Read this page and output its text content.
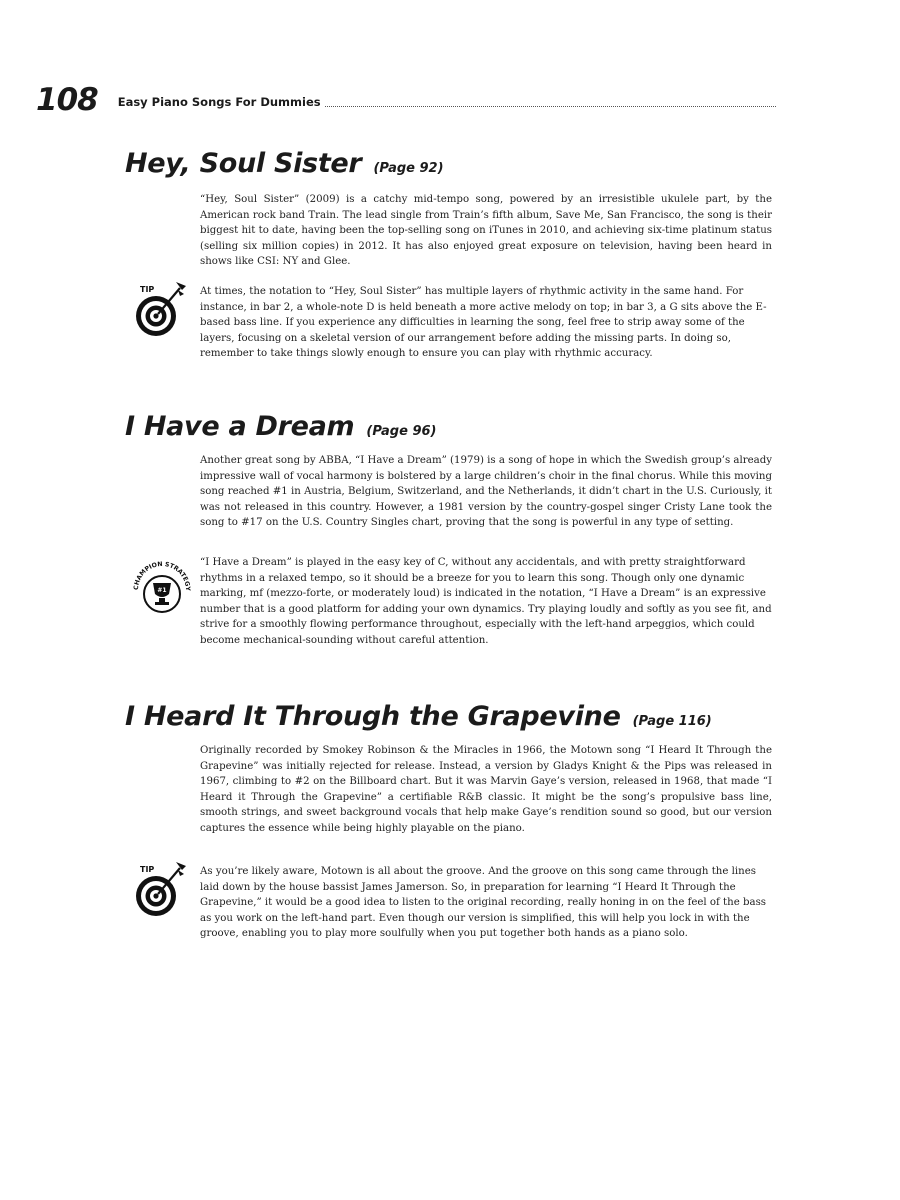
108 Easy Piano Songs For Dummies
Hey, Soul Sister (Page 92)

“Hey, Soul Sister” (2009) is a catchy mid-tempo song, powered by an irresistible ukulele part, by the American rock band Train. The lead single from Train’s fifth album, Save Me, San Francisco, the song is their biggest hit to date, having been the top-selling song on iTunes in 2010, and achieving six-time platinum status (selling six million copies) in 2012. It has also enjoyed great exposure on television, having been heard in shows like CSI: NY and Glee.

TIP	At times, the notation to “Hey, Soul Sister” has multiple layers of rhythmic activity in the same hand. For instance, in bar 2, a whole-note D is held beneath a more active melody on top; in bar 3, a G sits above the E-based bass line. If you experience any difficulties in learning the song, feel free to strip away some of the layers, focusing on a skeletal version of our arrangement before adding the missing parts. In doing so, remember to take things slowly enough to ensure you can play with rhythmic accuracy.

I Have a Dream (Page 96)

Another great song by ABBA, “I Have a Dream” (1979) is a song of hope in which the Swedish group’s already impressive wall of vocal harmony is bolstered by a large children’s choir in the final chorus. While this moving song reached #1 in Austria, Belgium, Switzerland, and the Netherlands, it didn’t chart in the U.S. Curiously, it was not released in this country. However, a 1981 version by the country-gospel singer Cristy Lane took the song to #17 on the U.S. Country Singles chart, proving that the song is powerful in any type of setting.

CHAMPION STRATEGY
#1

“I Have a Dream” is played in the easy key of C, without any accidentals, and with pretty straightforward rhythms in a relaxed tempo, so it should be a breeze for you to learn this song. Though only one dynamic marking, mf (mezzo-forte, or moderately loud) is indicated in the notation, “I Have a Dream” is an expressive number that is a good platform for adding your own dynamics. Try playing loudly and softly as you see fit, and strive for a smoothly flowing performance throughout, especially with the left-hand arpeggios, which could become mechanical-sounding without careful attention.

I Heard It Through the Grapevine (Page 116)

Originally recorded by Smokey Robinson & the Miracles in 1966, the Motown song “I Heard It Through the Grapevine” was initially rejected for release. Instead, a version by Gladys Knight & the Pips was released in 1967, climbing to #2 on the Billboard chart. But it was Marvin Gaye’s version, released in 1968, that made “I Heard it Through the Grapevine” a certifiable R&B classic. It might be the song’s propulsive bass line, smooth strings, and sweet background vocals that help make Gaye’s rendition sound so good, but our version captures the essence while being highly playable on the piano.

TIP	As you’re likely aware, Motown is all about the groove. And the groove on this song came through the lines laid down by the house bassist James Jamerson. So, in preparation for learning “I Heard It Through the Grapevine,” it would be a good idea to listen to the original recording, really honing in on the feel of the bass as you work on the left-hand part. Even though our version is simplified, this will help you lock in with the groove, enabling you to play more soulfully when you put together both hands as a piano solo.
